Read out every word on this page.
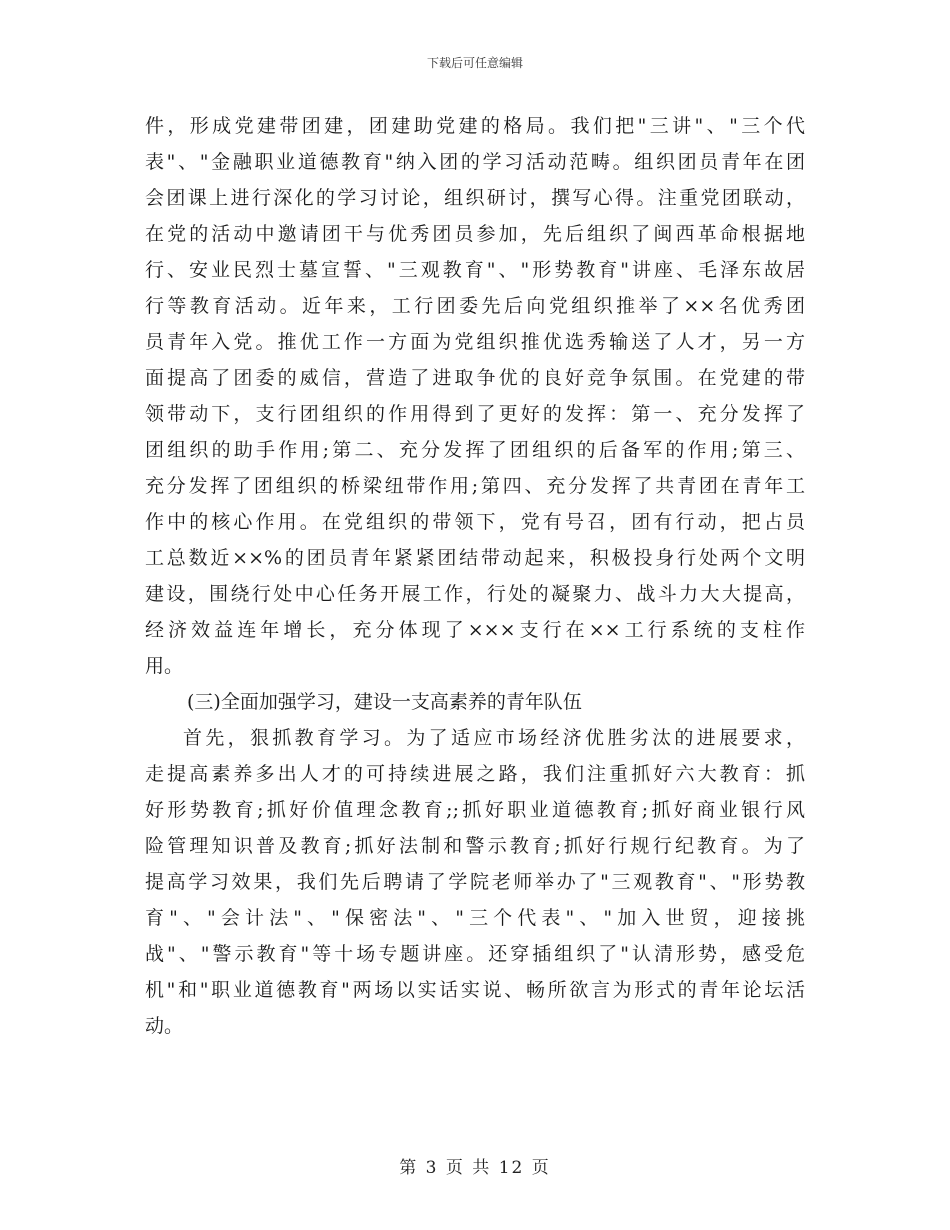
下载后可任意编辑
件，形成党建带团建，团建助党建的格局。我们把"三讲"、"三个代
表"、"金融职业道德教育"纳入团的学习活动范畴。组织团员青年在团
会团课上进行深化的学习讨论，组织研讨，撰写心得。注重党团联动，
在党的活动中邀请团干与优秀团员参加，先后组织了闽西革命根据地
行、安业民烈士墓宣誓、"三观教育"、"形势教育"讲座、毛泽东故居
行等教育活动。近年来，工行团委先后向党组织推举了××名优秀团
员青年入党。推优工作一方面为党组织推优选秀输送了人才，另一方
面提高了团委的威信，营造了进取争优的良好竞争氛围。在党建的带
领带动下，支行团组织的作用得到了更好的发挥：第一、充分发挥了
团组织的助手作用;第二、充分发挥了团组织的后备军的作用;第三、
充分发挥了团组织的桥梁纽带作用;第四、充分发挥了共青团在青年工
作中的核心作用。在党组织的带领下，党有号召，团有行动，把占员
工总数近××%的团员青年紧紧团结带动起来，积极投身行处两个文明
建设，围绕行处中心任务开展工作，行处的凝聚力、战斗力大大提高，
经济效益连年增长，充分体现了×××支行在××工行系统的支柱作
用。
(三)全面加强学习，建设一支高素养的青年队伍
首先，狠抓教育学习。为了适应市场经济优胜劣汰的进展要求，
走提高素养多出人才的可持续进展之路，我们注重抓好六大教育：抓
好形势教育;抓好价值理念教育;;抓好职业道德教育;抓好商业银行风
险管理知识普及教育;抓好法制和警示教育;抓好行规行纪教育。为了
提高学习效果，我们先后聘请了学院老师举办了"三观教育"、"形势教
育"、"会计法"、"保密法"、"三个代表"、"加入世贸，迎接挑
战"、"警示教育"等十场专题讲座。还穿插组织了"认清形势，感受危
机"和"职业道德教育"两场以实话实说、畅所欲言为形式的青年论坛活
动。
第 3 页 共 12 页
